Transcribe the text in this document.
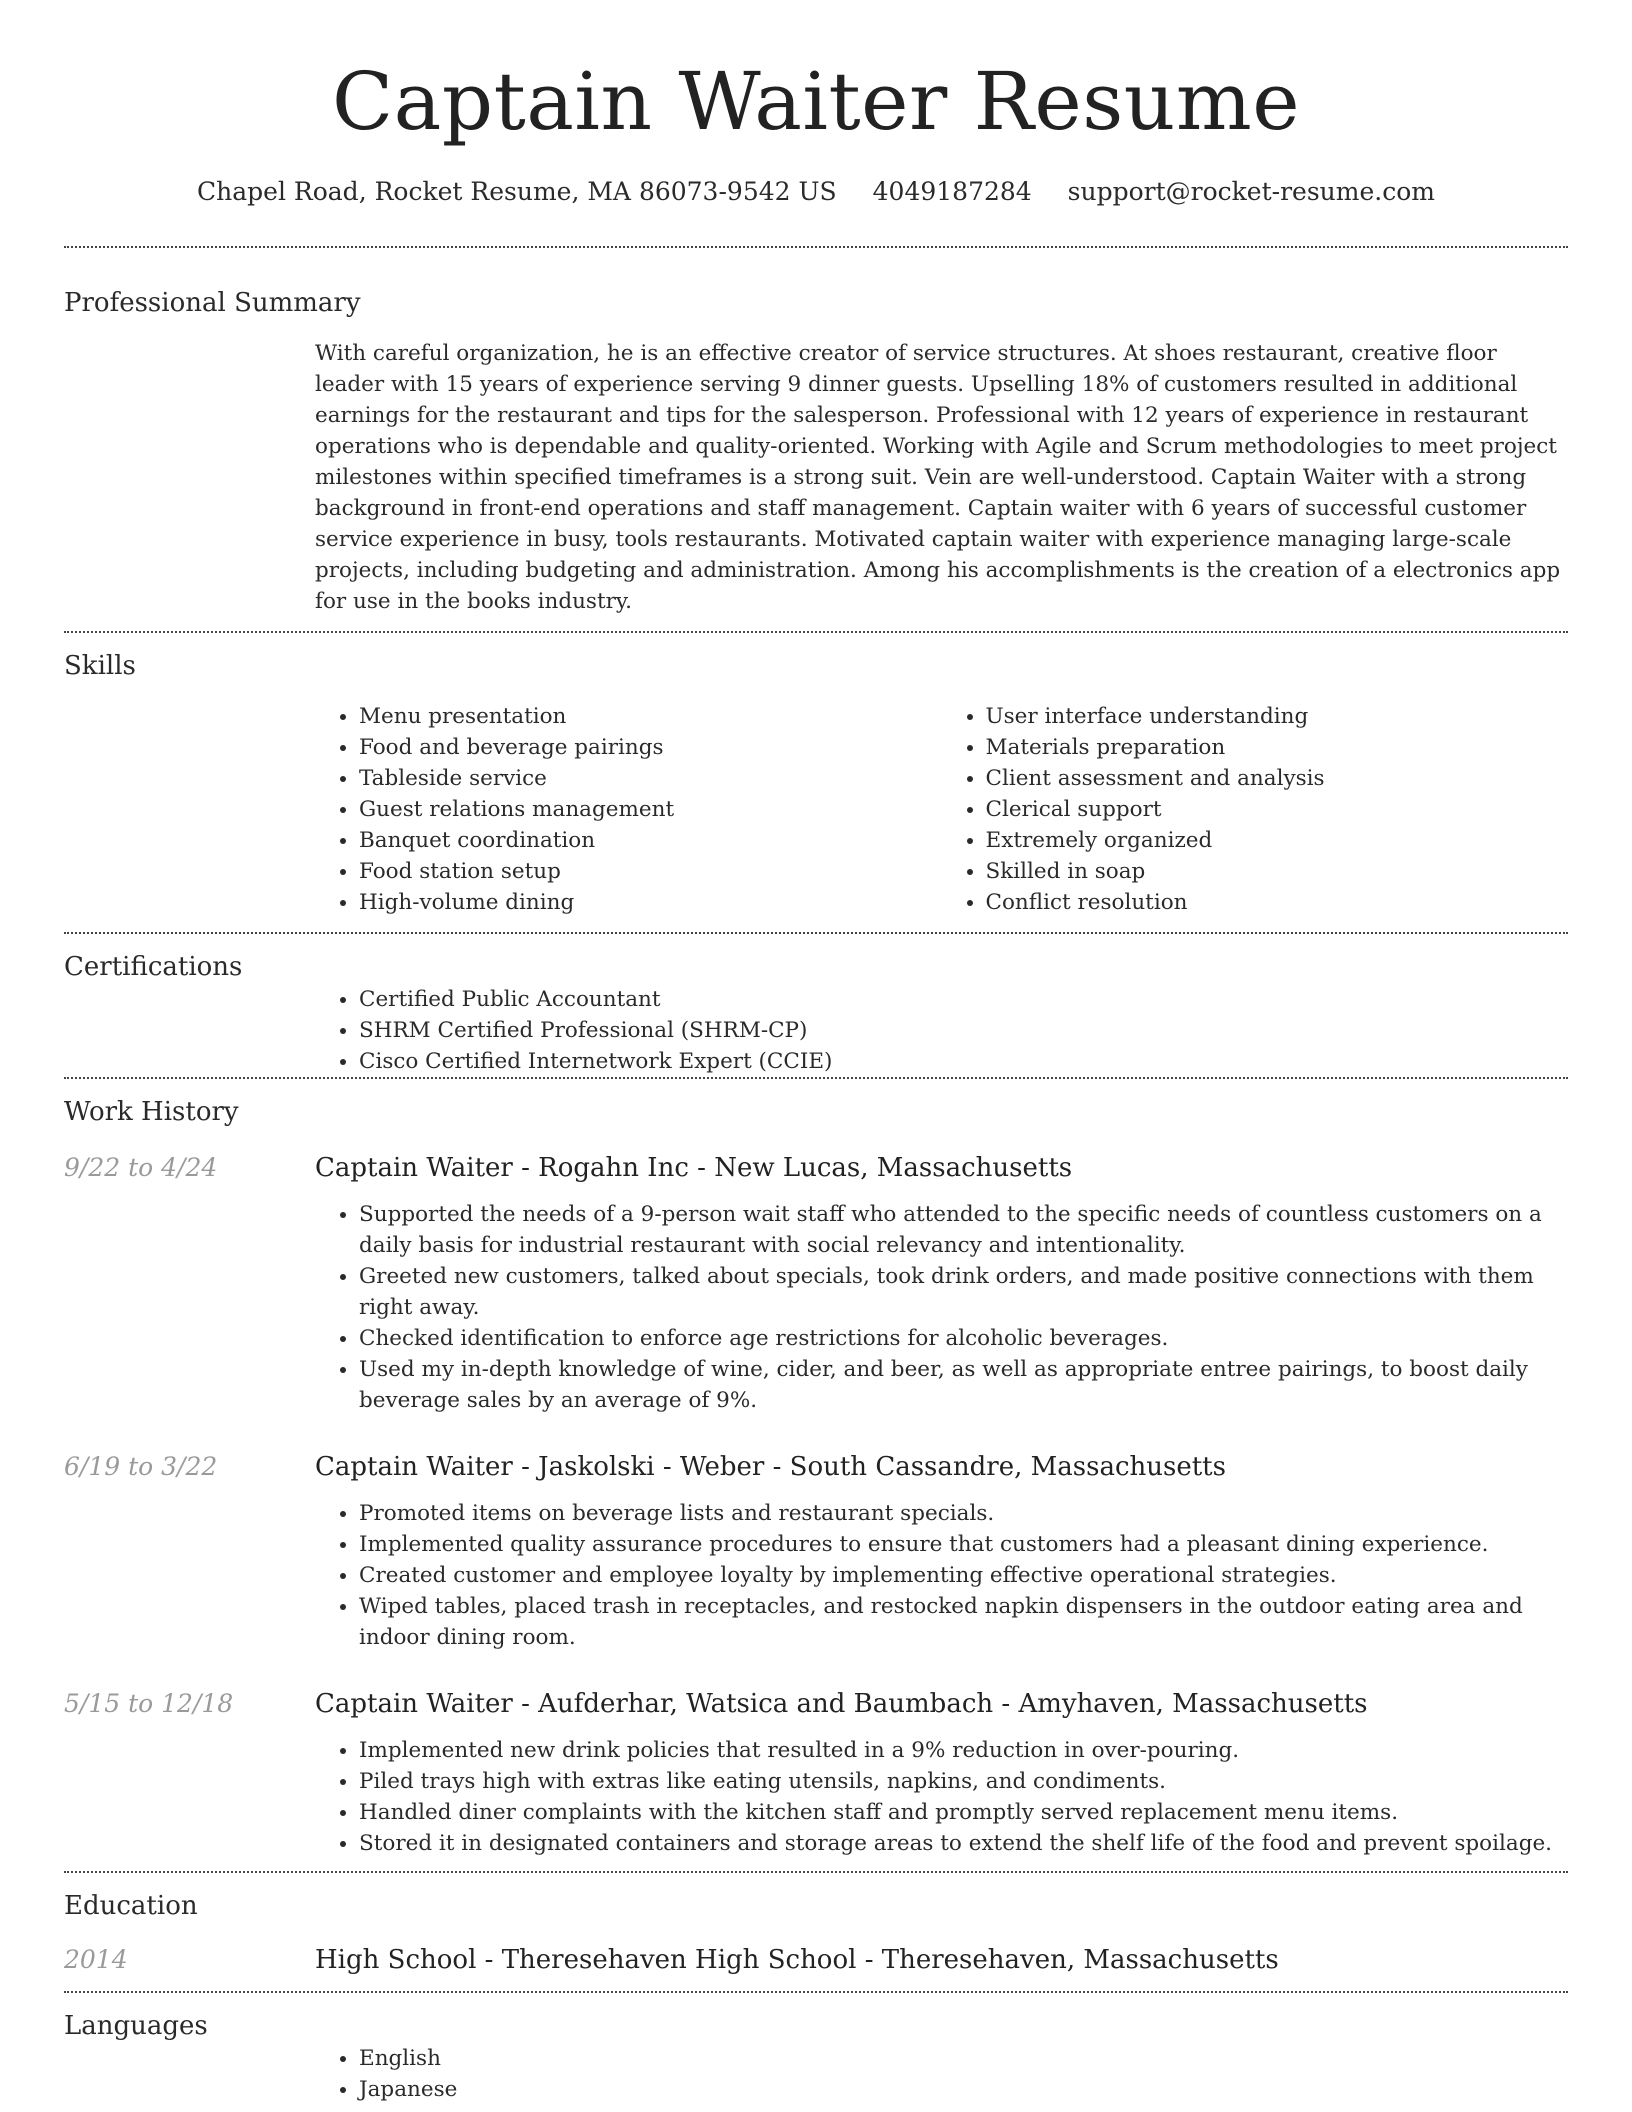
Captain Waiter Resume
Chapel Road, Rocket Resume, MA 86073-9542 US 4049187284 support@rocket-resume.com
Professional Summary

With careful organization, he is an effective creator of service structures. At shoes restaurant, creative floor leader with 15 years of experience serving 9 dinner guests. Upselling 18% of customers resulted in additional earnings for the restaurant and tips for the salesperson. Professional with 12 years of experience in restaurant operations who is dependable and quality-oriented. Working with Agile and Scrum methodologies to meet project milestones within specified timeframes is a strong suit. Vein are well-understood. Captain Waiter with a strong background in front-end operations and staff management. Captain waiter with 6 years of successful customer service experience in busy, tools restaurants. Motivated captain waiter with experience managing large-scale projects, including budgeting and administration. Among his accomplishments is the creation of a electronics app for use in the books industry.

Skills
• Menu presentation
• Food and beverage pairings
• Tableside service
• Guest relations management
• Banquet coordination
• Food station setup
• High-volume dining
• User interface understanding
• Materials preparation
• Client assessment and analysis
• Clerical support
• Extremely organized
• Skilled in soap
• Conflict resolution
Certifications
• Certified Public Accountant
• SHRM Certified Professional (SHRM-CP)
• Cisco Certified Internetwork Expert (CCIE)
Work History
9/22 to 4/24	Captain Waiter - Rogahn Inc - New Lucas, Massachusetts
• Supported the needs of a 9-person wait staff who attended to the specific needs of countless customers on a daily basis for industrial restaurant with social relevancy and intentionality.
• Greeted new customers, talked about specials, took drink orders, and made positive connections with them right away.
• Checked identification to enforce age restrictions for alcoholic beverages.
• Used my in-depth knowledge of wine, cider, and beer, as well as appropriate entree pairings, to boost daily beverage sales by an average of 9%.
6/19 to 3/22	Captain Waiter - Jaskolski - Weber - South Cassandre, Massachusetts
• Promoted items on beverage lists and restaurant specials.
• Implemented quality assurance procedures to ensure that customers had a pleasant dining experience.
• Created customer and employee loyalty by implementing effective operational strategies.
• Wiped tables, placed trash in receptacles, and restocked napkin dispensers in the outdoor eating area and indoor dining room.
5/15 to 12/18	Captain Waiter - Aufderhar, Watsica and Baumbach - Amyhaven, Massachusetts
• Implemented new drink policies that resulted in a 9% reduction in over-pouring.
• Piled trays high with extras like eating utensils, napkins, and condiments.
• Handled diner complaints with the kitchen staff and promptly served replacement menu items.
• Stored it in designated containers and storage areas to extend the shelf life of the food and prevent spoilage.
Education
2014	High School - Theresehaven High School - Theresehaven, Massachusetts
Languages
• English
• Japanese
